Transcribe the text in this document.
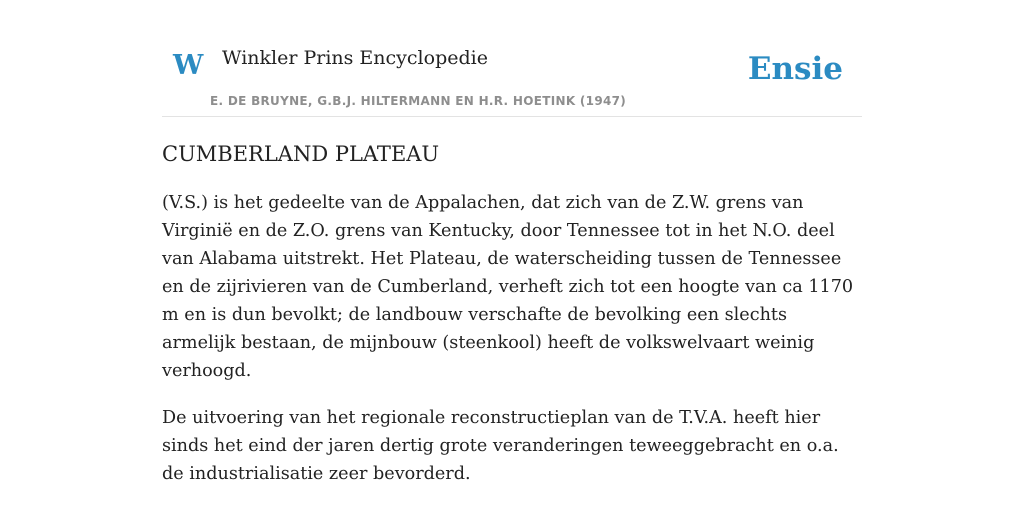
W Winkler Prins Encyclopedie
E. DE BRUYNE, G.B.J. HILTERMANN EN H.R. HOETINK (1947)
Ensie
CUMBERLAND PLATEAU

(V.S.) is het gedeelte van de Appalachen, dat zich van de Z.W. grens van Virginië en de Z.O. grens van Kentucky, door Tennessee tot in het N.O. deel van Alabama uitstrekt. Het Plateau, de waterscheiding tussen de Tennessee en de zijrivieren van de Cumberland, verheft zich tot een hoogte van ca 1170 m en is dun bevolkt; de landbouw verschafte de bevolking een slechts armelijk bestaan, de mijnbouw (steenkool) heeft de volkswelvaart weinig verhoogd.

De uitvoering van het regionale reconstructieplan van de T.V.A. heeft hier sinds het eind der jaren dertig grote veranderingen teweeggebracht en o.a. de industrialisatie zeer bevorderd.
